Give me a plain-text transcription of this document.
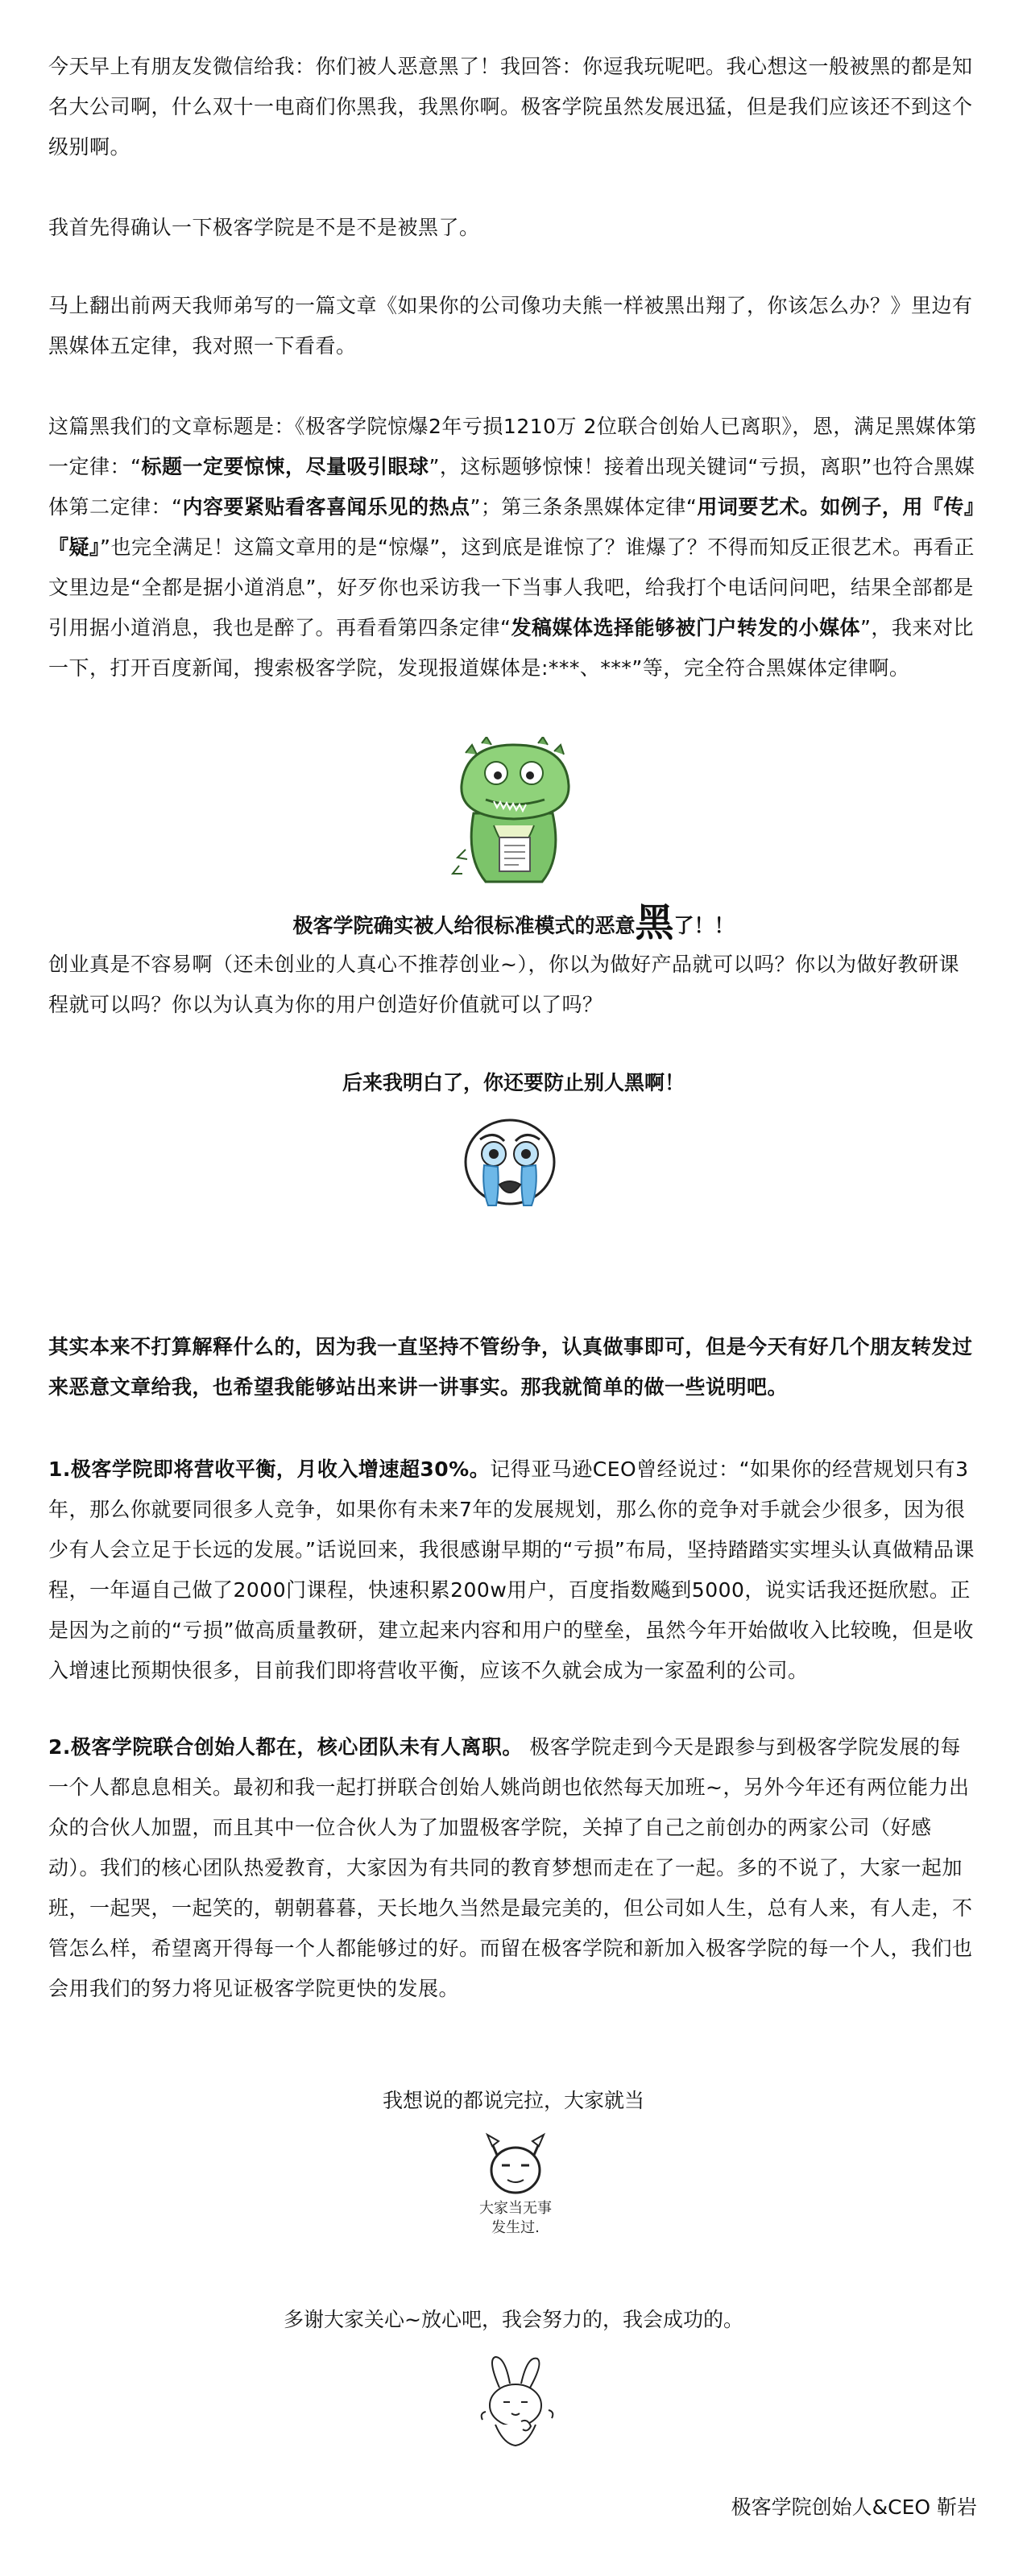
今天早上有朋友发微信给我：你们被人恶意黑了！我回答：你逗我玩呢吧。我心想这一般被黑的都是知名大公司啊，什么双十一电商们你黑我，我黑你啊。极客学院虽然发展迅猛，但是我们应该还不到这个级别啊。

我首先得确认一下极客学院是不是不是被黑了。

马上翻出前两天我师弟写的一篇文章《如果你的公司像功夫熊一样被黑出翔了，你该怎么办？》里边有黑媒体五定律，我对照一下看看。

这篇黑我们的文章标题是：《极客学院惊爆2年亏损1210万 2位联合创始人已离职》，恩，满足黑媒体第一定律：“标题一定要惊悚，尽量吸引眼球”，这标题够惊悚！接着出现关键词“亏损，离职”也符合黑媒体第二定律：“内容要紧贴看客喜闻乐见的热点”；第三条条黑媒体定律“用词要艺术。如例子，用『传』『疑』”也完全满足！这篇文章用的是“惊爆”，这到底是谁惊了？谁爆了？不得而知反正很艺术。再看正文里边是“全都是据小道消息”，好歹你也采访我一下当事人我吧，给我打个电话问问吧，结果全部都是引用据小道消息，我也是醉了。再看看第四条定律“发稿媒体选择能够被门户转发的小媒体”，我来对比一下，打开百度新闻，搜索极客学院，发现报道媒体是:***、***”等，完全符合黑媒体定律啊。

极客学院确实被人给很标准模式的恶意黑了！！

创业真是不容易啊（还未创业的人真心不推荐创业~），你以为做好产品就可以吗？你以为做好教研课程就可以吗？你以为认真为你的用户创造好价值就可以了吗？

后来我明白了，你还要防止别人黑啊！

其实本来不打算解释什么的，因为我一直坚持不管纷争，认真做事即可，但是今天有好几个朋友转发过来恶意文章给我，也希望我能够站出来讲一讲事实。那我就简单的做一些说明吧。

1.极客学院即将营收平衡，月收入增速超30%。记得亚马逊CEO曾经说过：“如果你的经营规划只有3年，那么你就要同很多人竞争，如果你有未来7年的发展规划，那么你的竞争对手就会少很多，因为很少有人会立足于长远的发展。”话说回来，我很感谢早期的“亏损”布局，坚持踏踏实实埋头认真做精品课程，一年逼自己做了2000门课程，快速积累200w用户，百度指数飚到5000，说实话我还挺欣慰。正是因为之前的“亏损”做高质量教研，建立起来内容和用户的壁垒，虽然今年开始做收入比较晚，但是收入增速比预期快很多，目前我们即将营收平衡，应该不久就会成为一家盈利的公司。

2.极客学院联合创始人都在，核心团队未有人离职。 极客学院走到今天是跟参与到极客学院发展的每一个人都息息相关。最初和我一起打拼联合创始人姚尚朗也依然每天加班~，另外今年还有两位能力出众的合伙人加盟，而且其中一位合伙人为了加盟极客学院，关掉了自己之前创办的两家公司（好感动）。我们的核心团队热爱教育，大家因为有共同的教育梦想而走在了一起。多的不说了，大家一起加班，一起哭，一起笑的，朝朝暮暮，天长地久当然是最完美的，但公司如人生，总有人来，有人走，不管怎么样，希望离开得每一个人都能够过的好。而留在极客学院和新加入极客学院的每一个人，我们也会用我们的努力将见证极客学院更快的发展。

我想说的都说完拉，大家就当

大家当无事
发生过.

多谢大家关心~放心吧，我会努力的，我会成功的。

极客学院创始人&CEO 靳岩
